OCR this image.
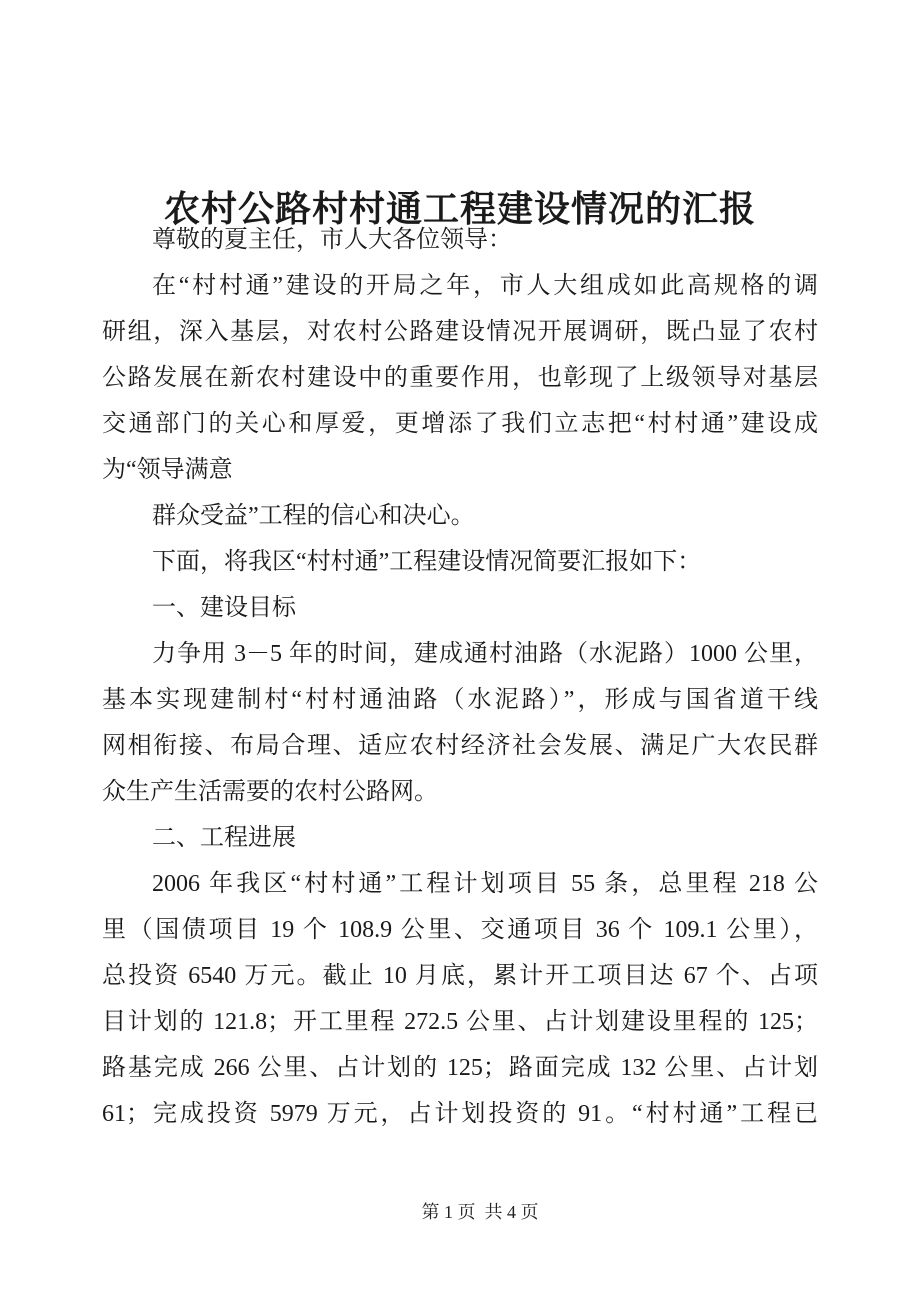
农村公路村村通工程建设情况的汇报
尊敬的夏主任，市人大各位领导：
在“村村通”建设的开局之年，市人大组成如此高规格的调
研组，深入基层，对农村公路建设情况开展调研，既凸显了农村
公路发展在新农村建设中的重要作用，也彰现了上级领导对基层
交通部门的关心和厚爱，更增添了我们立志把“村村通”建设成
为“领导满意
群众受益”工程的信心和决心。
下面，将我区“村村通”工程建设情况简要汇报如下：
一、建设目标
力争用 3－5 年的时间，建成通村油路（水泥路）1000 公里，
基本实现建制村“村村通油路（水泥路）”，形成与国省道干线
网相衔接、布局合理、适应农村经济社会发展、满足广大农民群
众生产生活需要的农村公路网。
二、工程进展
2006 年我区“村村通”工程计划项目 55 条，总里程 218 公
里（国债项目 19 个 108.9 公里、交通项目 36 个 109.1 公里），
总投资 6540 万元。截止 10 月底，累计开工项目达 67 个、占项
目计划的 121.8；开工里程 272.5 公里、占计划建设里程的 125；
路基完成 266 公里、占计划的 125；路面完成 132 公里、占计划
61；完成投资 5979 万元，占计划投资的 91。“村村通”工程已
第 1 页  共 4 页
